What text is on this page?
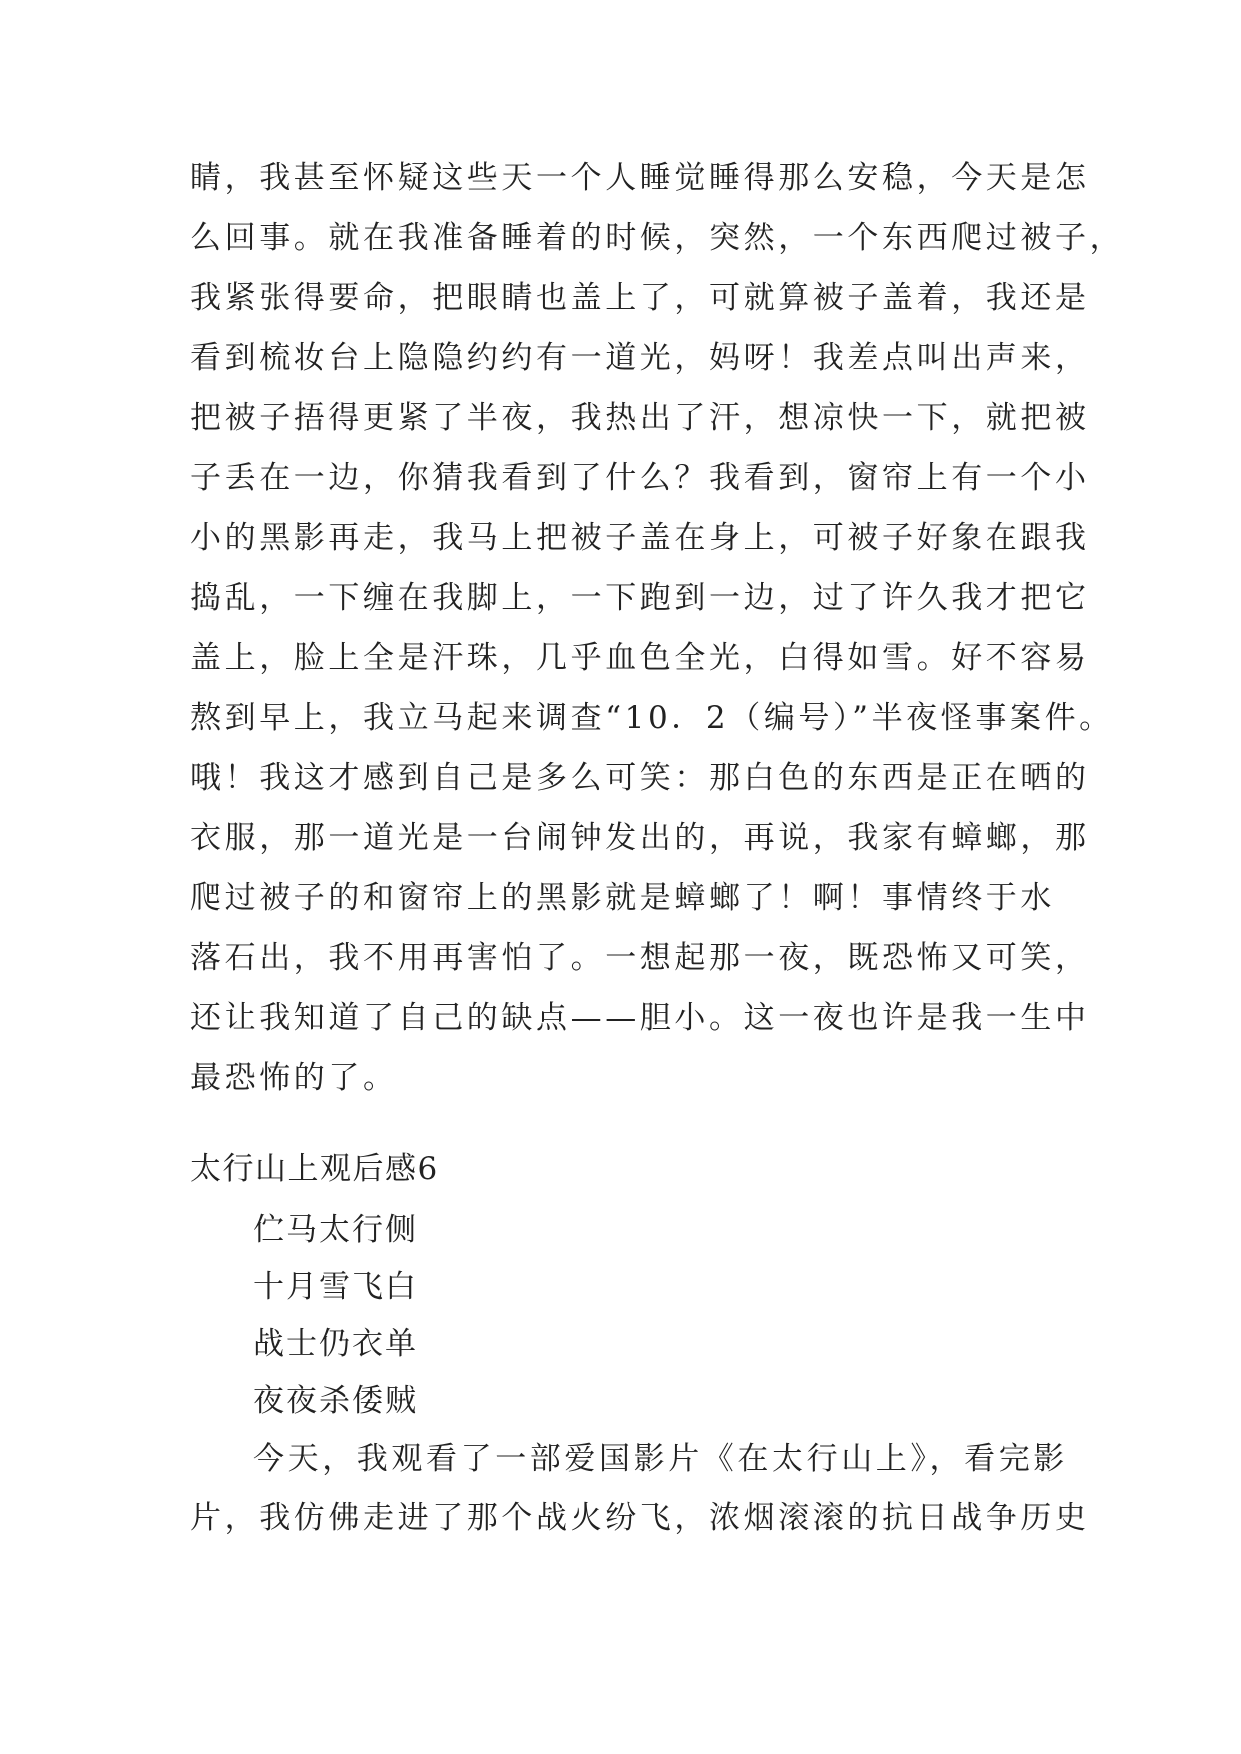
睛，我甚至怀疑这些天一个人睡觉睡得那么安稳，今天是怎
么回事。就在我准备睡着的时候，突然，一个东西爬过被子，
我紧张得要命，把眼睛也盖上了，可就算被子盖着，我还是
看到梳妆台上隐隐约约有一道光，妈呀！我差点叫出声来，
把被子捂得更紧了半夜，我热出了汗，想凉快一下，就把被
子丢在一边，你猜我看到了什么？我看到，窗帘上有一个小
小的黑影再走，我马上把被子盖在身上，可被子好象在跟我
捣乱，一下缠在我脚上，一下跑到一边，过了许久我才把它
盖上，脸上全是汗珠，几乎血色全光，白得如雪。好不容易
熬到早上，我立马起来调查“10．2（编号）”半夜怪事案件。
哦！我这才感到自己是多么可笑：那白色的东西是正在晒的
衣服，那一道光是一台闹钟发出的，再说，我家有蟑螂，那
爬过被子的和窗帘上的黑影就是蟑螂了！啊！事情终于水
落石出，我不用再害怕了。一想起那一夜，既恐怖又可笑，
还让我知道了自己的缺点——胆小。这一夜也许是我一生中
最恐怖的了。
太行山上观后感6
伫马太行侧
十月雪飞白
战士仍衣单
夜夜杀倭贼
今天，我观看了一部爱国影片《在太行山上》，看完影
片，我仿佛走进了那个战火纷飞，浓烟滚滚的抗日战争历史
